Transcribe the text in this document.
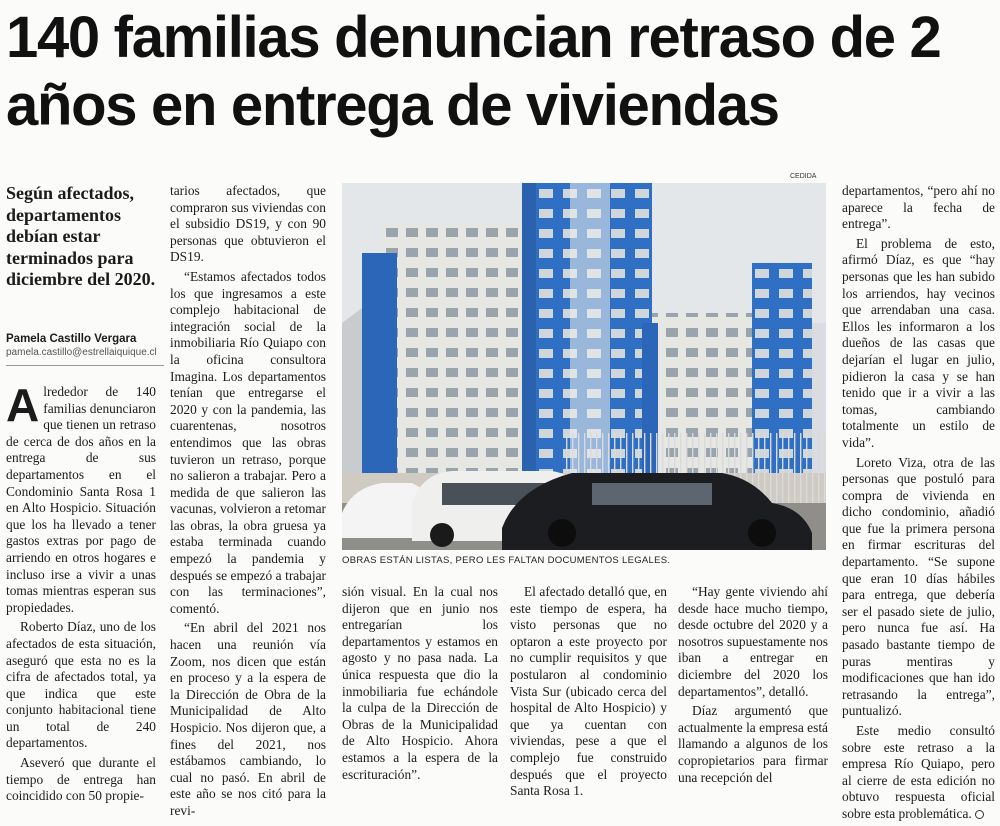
140 familias denuncian retraso de 2 años en entrega de viviendas
Según afectados, departamentos debían estar terminados para diciembre del 2020.
Pamela Castillo Vergara
pamela.castillo@estrellaiquique.cl

Alrededor de 140 familias denunciaron que tienen un retraso de cerca de dos años en la entrega de sus departamentos en el Condominio Santa Rosa 1 en Alto Hospicio. Situación que los ha llevado a tener gastos extras por pago de arriendo en otros hogares e incluso irse a vivir a unas tomas mientras esperan sus propiedades.

Roberto Díaz, uno de los afectados de esta situación, aseguró que esta no es la cifra de afectados total, ya que indica que este conjunto habitacional tiene un total de 240 departamentos.

Aseveró que durante el tiempo de entrega han coincidido con 50 propie-

tarios afectados, que compraron sus viviendas con el subsidio DS19, y con 90 personas que obtuvieron el DS19.

“Estamos afectados todos los que ingresamos a este complejo habitacional de integración social de la inmobiliaria Río Quiapo con la oficina consultora Imagina. Los departamentos tenían que entregarse el 2020 y con la pandemia, las cuarentenas, nosotros entendimos que las obras tuvieron un retraso, porque no salieron a trabajar. Pero a medida de que salieron las vacunas, volvieron a retomar las obras, la obra gruesa ya estaba terminada cuando empezó la pandemia y después se empezó a trabajar con las terminaciones”, comentó.

“En abril del 2021 nos hacen una reunión vía Zoom, nos dicen que están en proceso y a la espera de la Dirección de Obra de la Municipalidad de Alto Hospicio. Nos dijeron que, a fines del 2021, nos estábamos cambiando, lo cual no pasó. En abril de este año se nos citó para la revi-

CEDIDA
OBRAS ESTÁN LISTAS, PERO LES FALTAN DOCUMENTOS LEGALES.

sión visual. En la cual nos dijeron que en junio nos entregarían los departamentos y estamos en agosto y no pasa nada. La única respuesta que dio la inmobiliaria fue echándole la culpa de la Dirección de Obras de la Municipalidad de Alto Hospicio. Ahora estamos a la espera de la escrituración”.

El afectado detalló que, en este tiempo de espera, ha visto personas que no optaron a este proyecto por no cumplir requisitos y que postularon al condominio Vista Sur (ubicado cerca del hospital de Alto Hospicio) y que ya cuentan con viviendas, pese a que el complejo fue construido después que el proyecto Santa Rosa 1.

“Hay gente viviendo ahí desde hace mucho tiempo, desde octubre del 2020 y a nosotros supuestamente nos iban a entregar en diciembre del 2020 los departamentos”, detalló.

Díaz argumentó que actualmente la empresa está llamando a algunos de los copropietarios para firmar una recepción del

departamentos, “pero ahí no aparece la fecha de entrega”.

El problema de esto, afirmó Díaz, es que “hay personas que les han subido los arriendos, hay vecinos que arrendaban una casa. Ellos les informaron a los dueños de las casas que dejarían el lugar en julio, pidieron la casa y se han tenido que ir a vivir a las tomas, cambiando totalmente un estilo de vida”.

Loreto Viza, otra de las personas que postuló para compra de vivienda en dicho condominio, añadió que fue la primera persona en firmar escrituras del departamento. “Se supone que eran 10 días hábiles para entrega, que debería ser el pasado siete de julio, pero nunca fue así. Ha pasado bastante tiempo de puras mentiras y modificaciones que han ido retrasando la entrega”, puntualizó.

Este medio consultó sobre este retraso a la empresa Río Quiapo, pero al cierre de esta edición no obtuvo respuesta oficial sobre esta problemática.
